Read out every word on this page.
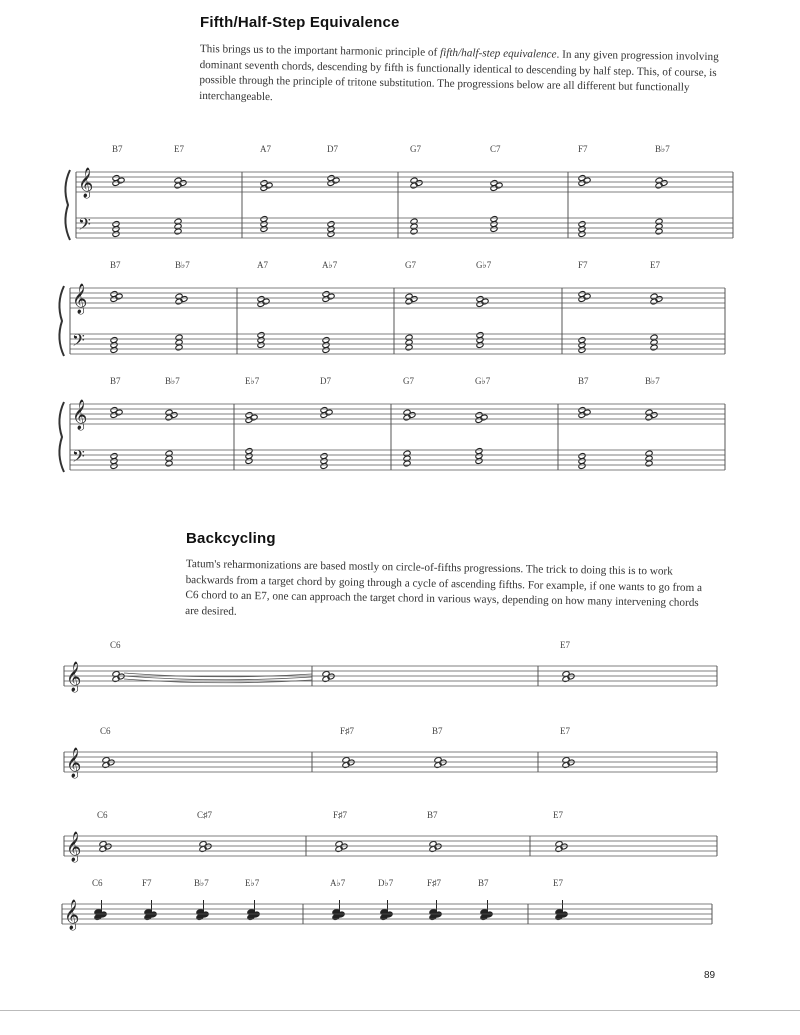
Fifth/Half-Step Equivalence
This brings us to the important harmonic principle of fifth/half-step equivalence. In any given progression involving dominant seventh chords, descending by fifth is functionally identical to descending by half step. This, of course, is possible through the principle of tritone substitution. The progressions below are all different but functionally interchangeable.
Backcycling
Tatum's reharmonizations are based mostly on circle-of-fifths progressions. The trick to doing this is to work backwards from a target chord by going through a cycle of ascending fifths. For example, if one wants to go from a C6 chord to an E7, one can approach the target chord in various ways, depending on how many intervening chords are desired.
𝄞
𝄢
B7	E7	A7	D7	G7	C7	F7	B♭7
𝄞
𝄢
B7	B♭7	A7	A♭7	G7	G♭7	F7	E7
𝄞
𝄢
B7	B♭7	E♭7	D7	G7	G♭7	B7	B♭7
𝄞
C6	E7
𝄞
C6	F♯7	B7	E7
𝄞
C6	C♯7	F♯7	B7	E7
𝄞
C6	F7	B♭7	E♭7	A♭7	D♭7	F♯7	B7	E7
89
